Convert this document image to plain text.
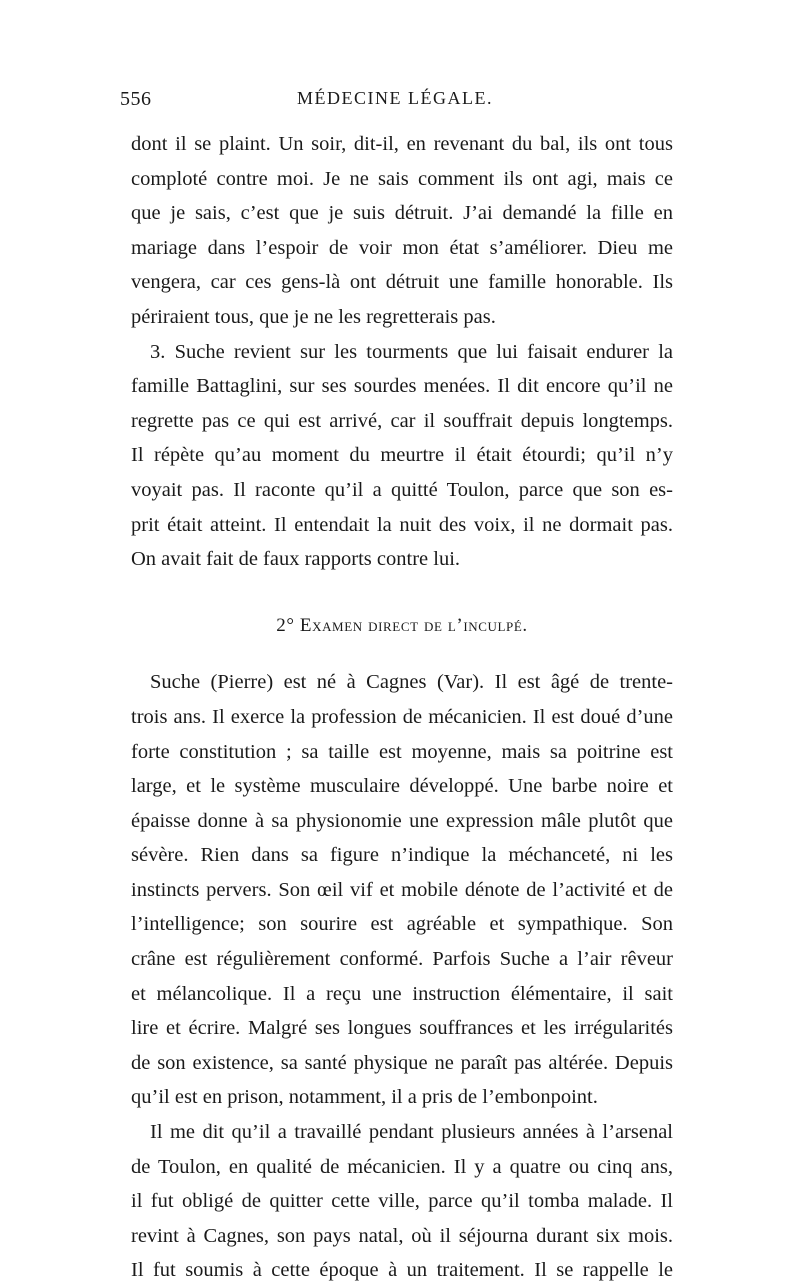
556	MÉDECINE LÉGALE.
dont il se plaint. Un soir, dit-il, en revenant du bal, ils ont tous
comploté contre moi. Je ne sais comment ils ont agi, mais ce
que je sais, c’est que je suis détruit. J’ai demandé la fille en
mariage dans l’espoir de voir mon état s’améliorer. Dieu me
vengera, car ces gens-là ont détruit une famille honorable. Ils
périraient tous, que je ne les regretterais pas.
3. Suche revient sur les tourments que lui faisait endurer la
famille Battaglini, sur ses sourdes menées. Il dit encore qu’il ne
regrette pas ce qui est arrivé, car il souffrait depuis longtemps.
Il répète qu’au moment du meurtre il était étourdi; qu’il n’y
voyait pas. Il raconte qu’il a quitté Toulon, parce que son es-
prit était atteint. Il entendait la nuit des voix, il ne dormait pas.
On avait fait de faux rapports contre lui.
2° Examen direct de l’inculpé.
Suche (Pierre) est né à Cagnes (Var). Il est âgé de trente-
trois ans. Il exerce la profession de mécanicien. Il est doué d’une
forte constitution ; sa taille est moyenne, mais sa poitrine est
large, et le système musculaire développé. Une barbe noire et
épaisse donne à sa physionomie une expression mâle plutôt que
sévère. Rien dans sa figure n’indique la méchanceté, ni les
instincts pervers. Son œil vif et mobile dénote de l’activité et de
l’intelligence; son sourire est agréable et sympathique. Son
crâne est régulièrement conformé. Parfois Suche a l’air rêveur
et mélancolique. Il a reçu une instruction élémentaire, il sait
lire et écrire. Malgré ses longues souffrances et les irrégularités
de son existence, sa santé physique ne paraît pas altérée. Depuis
qu’il est en prison, notamment, il a pris de l’embonpoint.
Il me dit qu’il a travaillé pendant plusieurs années à l’arsenal
de Toulon, en qualité de mécanicien. Il y a quatre ou cinq ans,
il fut obligé de quitter cette ville, parce qu’il tomba malade. Il
revint à Cagnes, son pays natal, où il séjourna durant six mois.
Il fut soumis à cette époque à un traitement. Il se rappelle le
